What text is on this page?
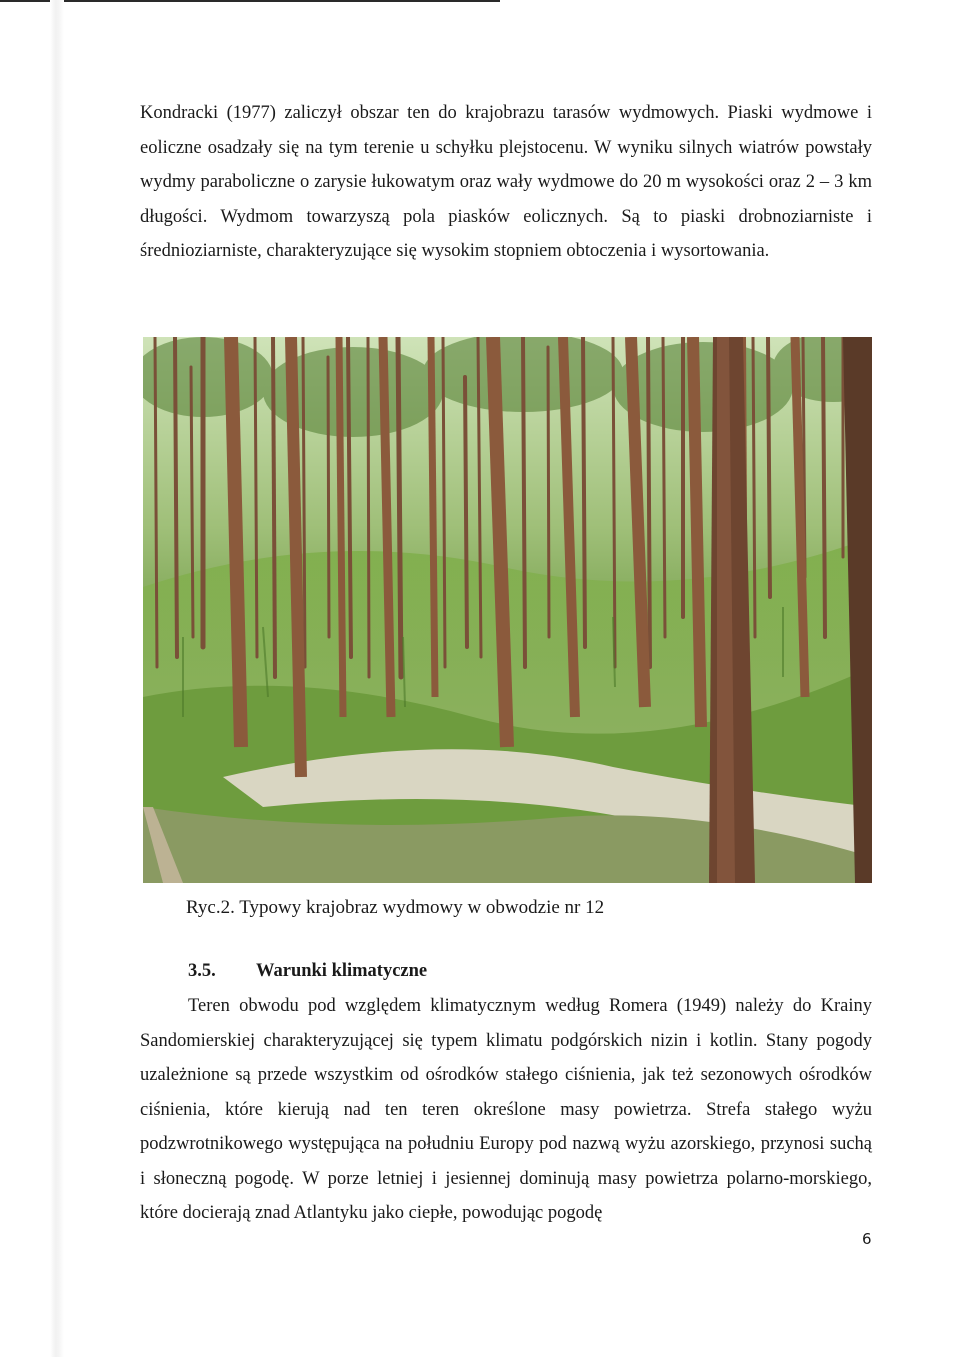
Kondracki (1977) zaliczył obszar ten do krajobrazu tarasów wydmowych. Piaski wydmowe i eoliczne osadzały się na tym terenie u schyłku plejstocenu. W wyniku silnych wiatrów powstały wydmy paraboliczne o zarysie łukowatym oraz wały wydmowe do 20 m wysokości oraz 2 – 3 km długości. Wydmom towarzyszą pola piasków eolicznych. Są to piaski drobnoziarniste i średnioziarniste, charakteryzujące się wysokim stopniem obtoczenia i wysortowania.

Ryc.2. Typowy krajobraz wydmowy w obwodzie nr 12

3.5. Warunki klimatyczne

Teren obwodu pod względem klimatycznym według Romera (1949) należy do Krainy Sandomierskiej charakteryzującej się typem klimatu podgórskich nizin i kotlin. Stany pogody uzależnione są przede wszystkim od ośrodków stałego ciśnienia, jak też sezonowych ośrodków ciśnienia, które kierują nad ten teren określone masy powietrza. Strefa stałego wyżu podzwrotnikowego występująca na południu Europy pod nazwą wyżu azorskiego, przynosi suchą i słoneczną pogodę. W porze letniej i jesiennej dominują masy powietrza polarno-morskiego, które docierają znad Atlantyku jako ciepłe, powodując pogodę

6
